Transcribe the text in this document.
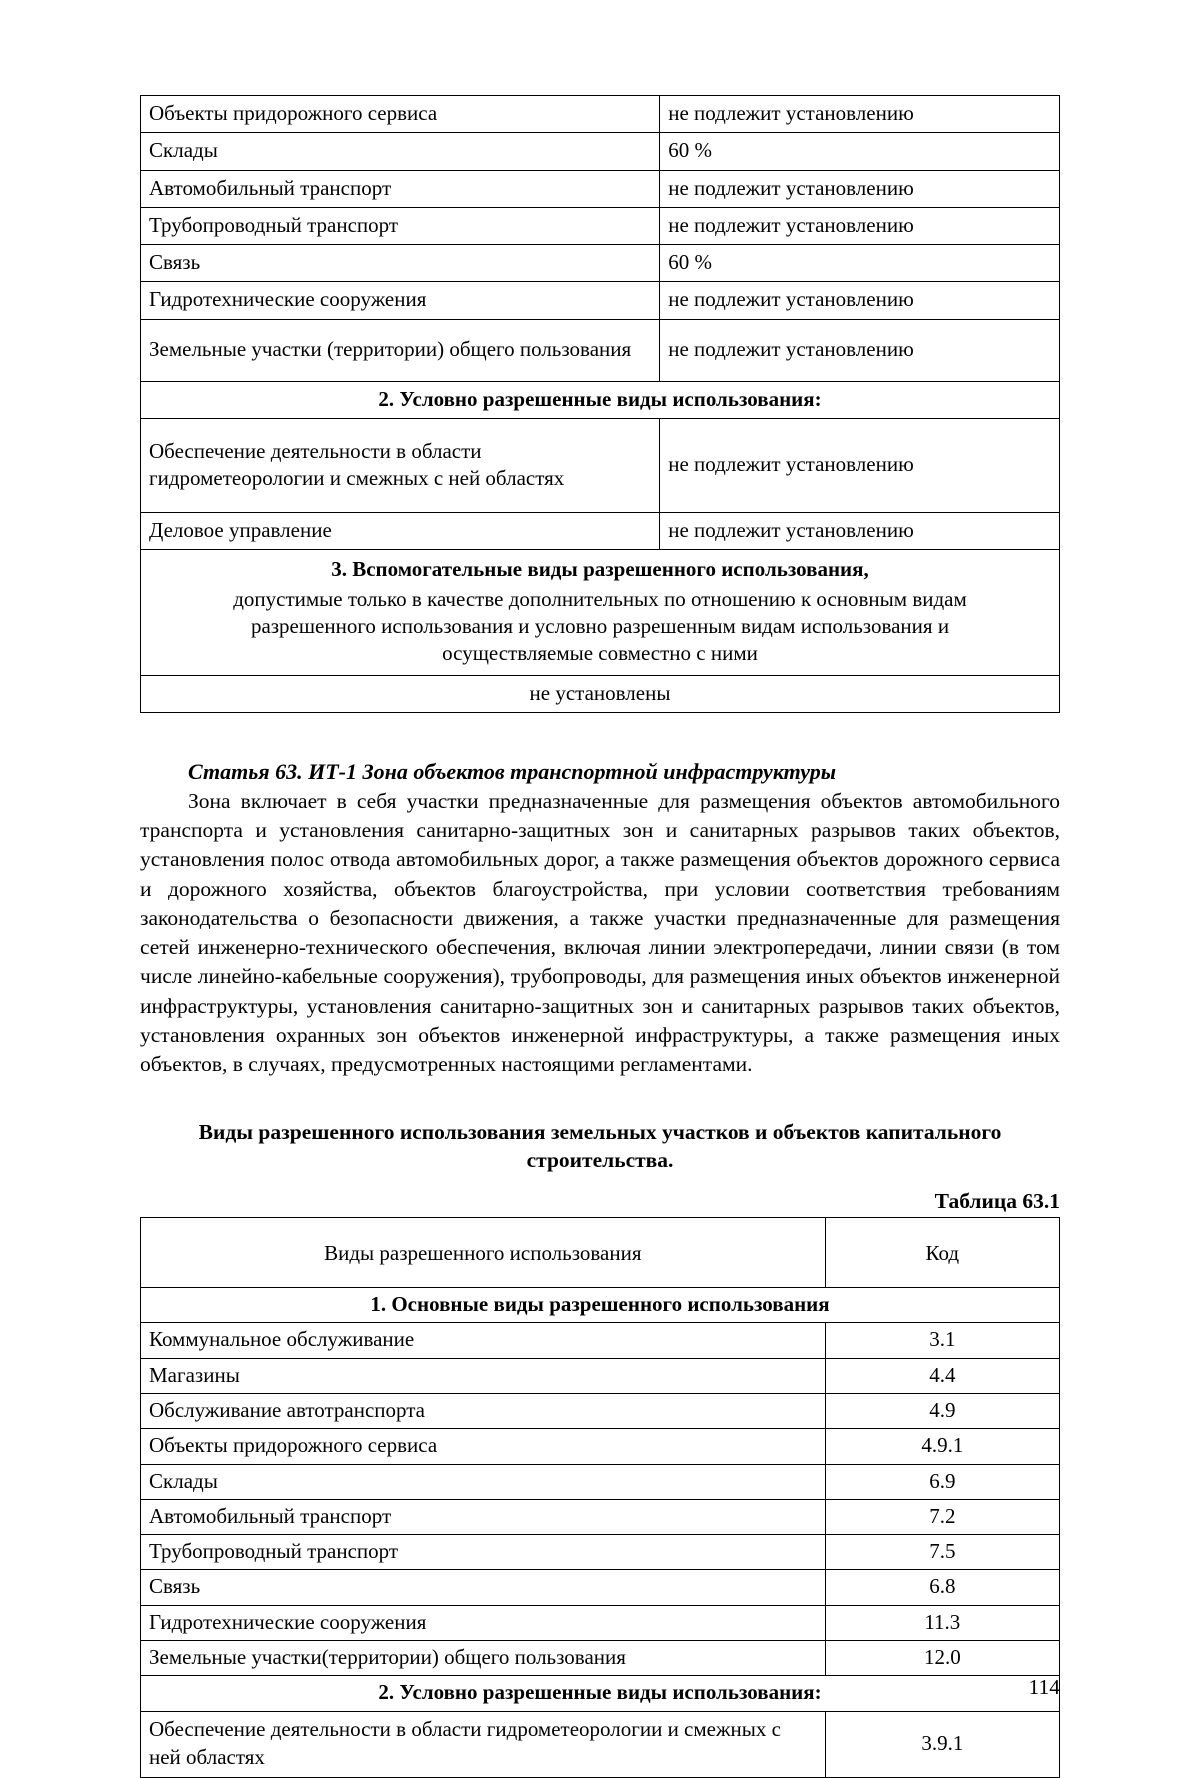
Объекты придорожного сервиса	не подлежит установлению
Склады	60 %
Автомобильный транспорт	не подлежит установлению
Трубопроводный транспорт	не подлежит установлению
Связь	60 %
Гидротехнические сооружения	не подлежит установлению
Земельные участки (территории) общего пользования	не подлежит установлению
2. Условно разрешенные виды использования:	
Обеспечение деятельности в области гидрометеорологии и смежных с ней областях	не подлежит установлению
Деловое управление	не подлежит установлению

3. Вспомогательные виды разрешенного использования,
допустимые только в качестве дополнительных по отношению к основным видам
разрешенного использования и условно разрешенным видам использования и
осуществляемые совместно с ними	

не установлены	

Статья 63. ИТ-1 Зона объектов транспортной инфраструктуры

Зона включает в себя участки предназначенные для размещения объектов автомобильного транспорта и установления санитарно-защитных зон и санитарных разрывов таких объектов, установления полос отвода автомобильных дорог, а также размещения объектов дорожного сервиса и дорожного хозяйства, объектов благоустройства, при условии соответствия требованиям законодательства о безопасности движения, а также участки предназначенные для размещения сетей инженерно-технического обеспечения, включая линии электропередачи, линии связи (в том числе линейно-кабельные сооружения), трубопроводы, для размещения иных объектов инженерной инфраструктуры, установления санитарно-защитных зон и санитарных разрывов таких объектов, установления охранных зон объектов инженерной инфраструктуры, а также размещения иных объектов, в случаях, предусмотренных настоящими регламентами.

Виды разрешенного использования земельных участков и объектов капитального строительства.

Таблица 63.1

Виды разрешенного использования	Код
1. Основные виды разрешенного использования	
Коммунальное обслуживание	3.1
Магазины	4.4
Обслуживание автотранспорта	4.9
Объекты придорожного сервиса	4.9.1
Склады	6.9
Автомобильный транспорт	7.2
Трубопроводный транспорт	7.5
Связь	6.8
Гидротехнические сооружения	11.3
Земельные участки(территории) общего пользования	12.0
2. Условно разрешенные виды использования:	
Обеспечение деятельности в области гидрометеорологии и смежных с ней областях	3.9.1
114
